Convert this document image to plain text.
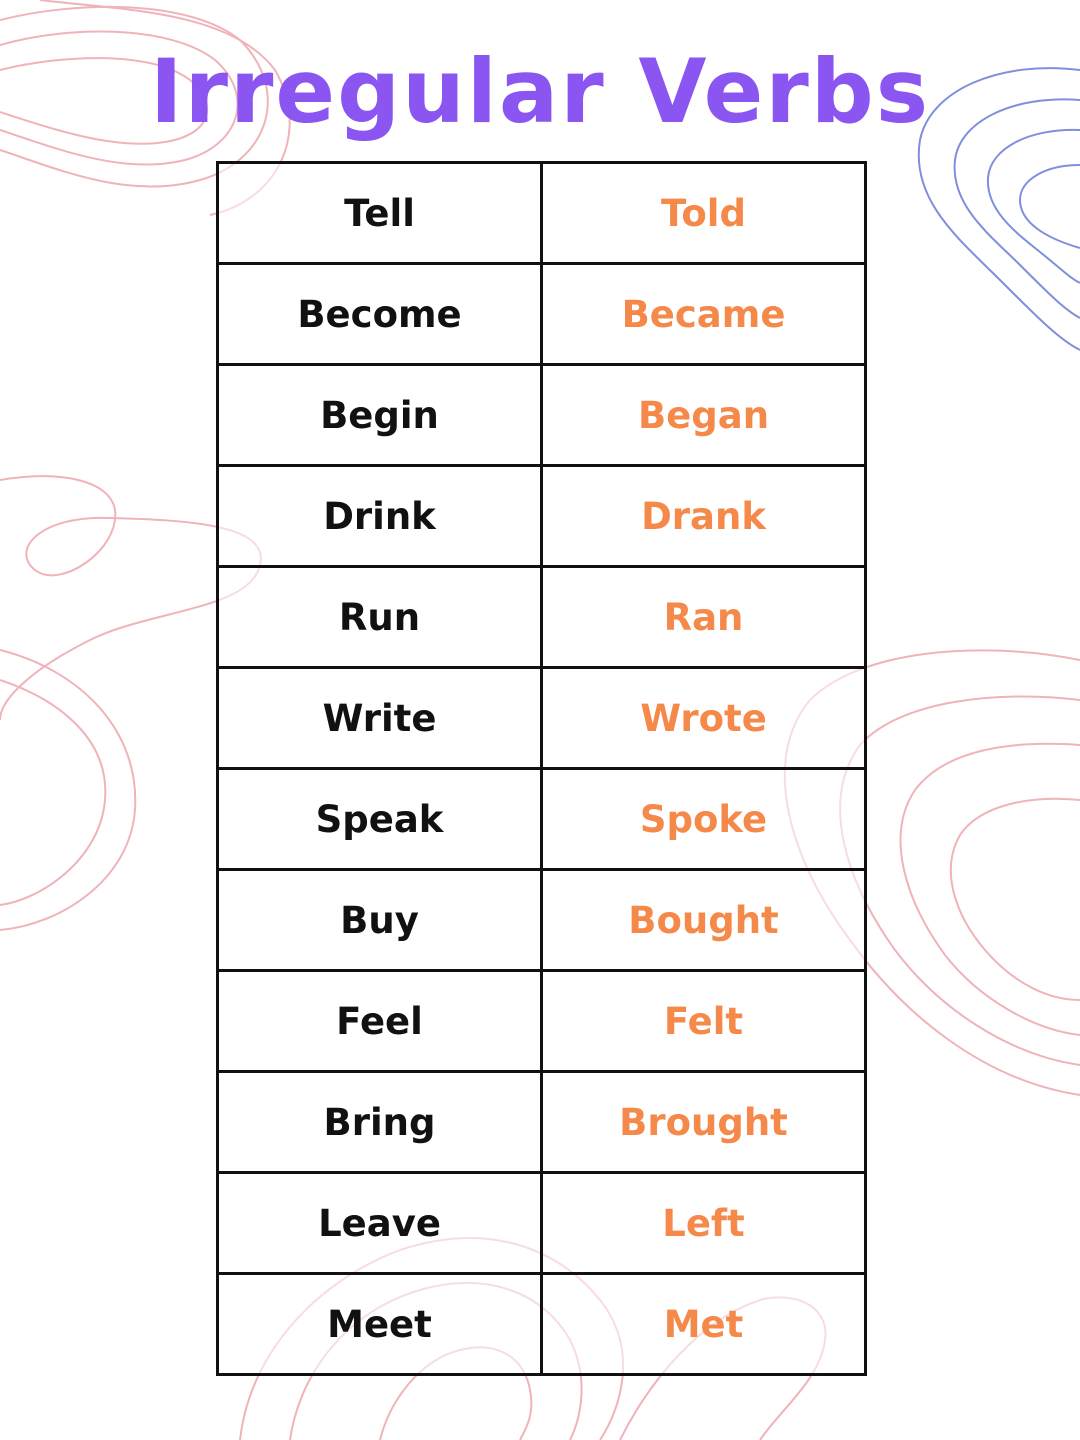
Irregular Verbs
Tell	Told
Become	Became
Begin	Began
Drink	Drank
Run	Ran
Write	Wrote
Speak	Spoke
Buy	Bought
Feel	Felt
Bring	Brought
Leave	Left
Meet	Met
